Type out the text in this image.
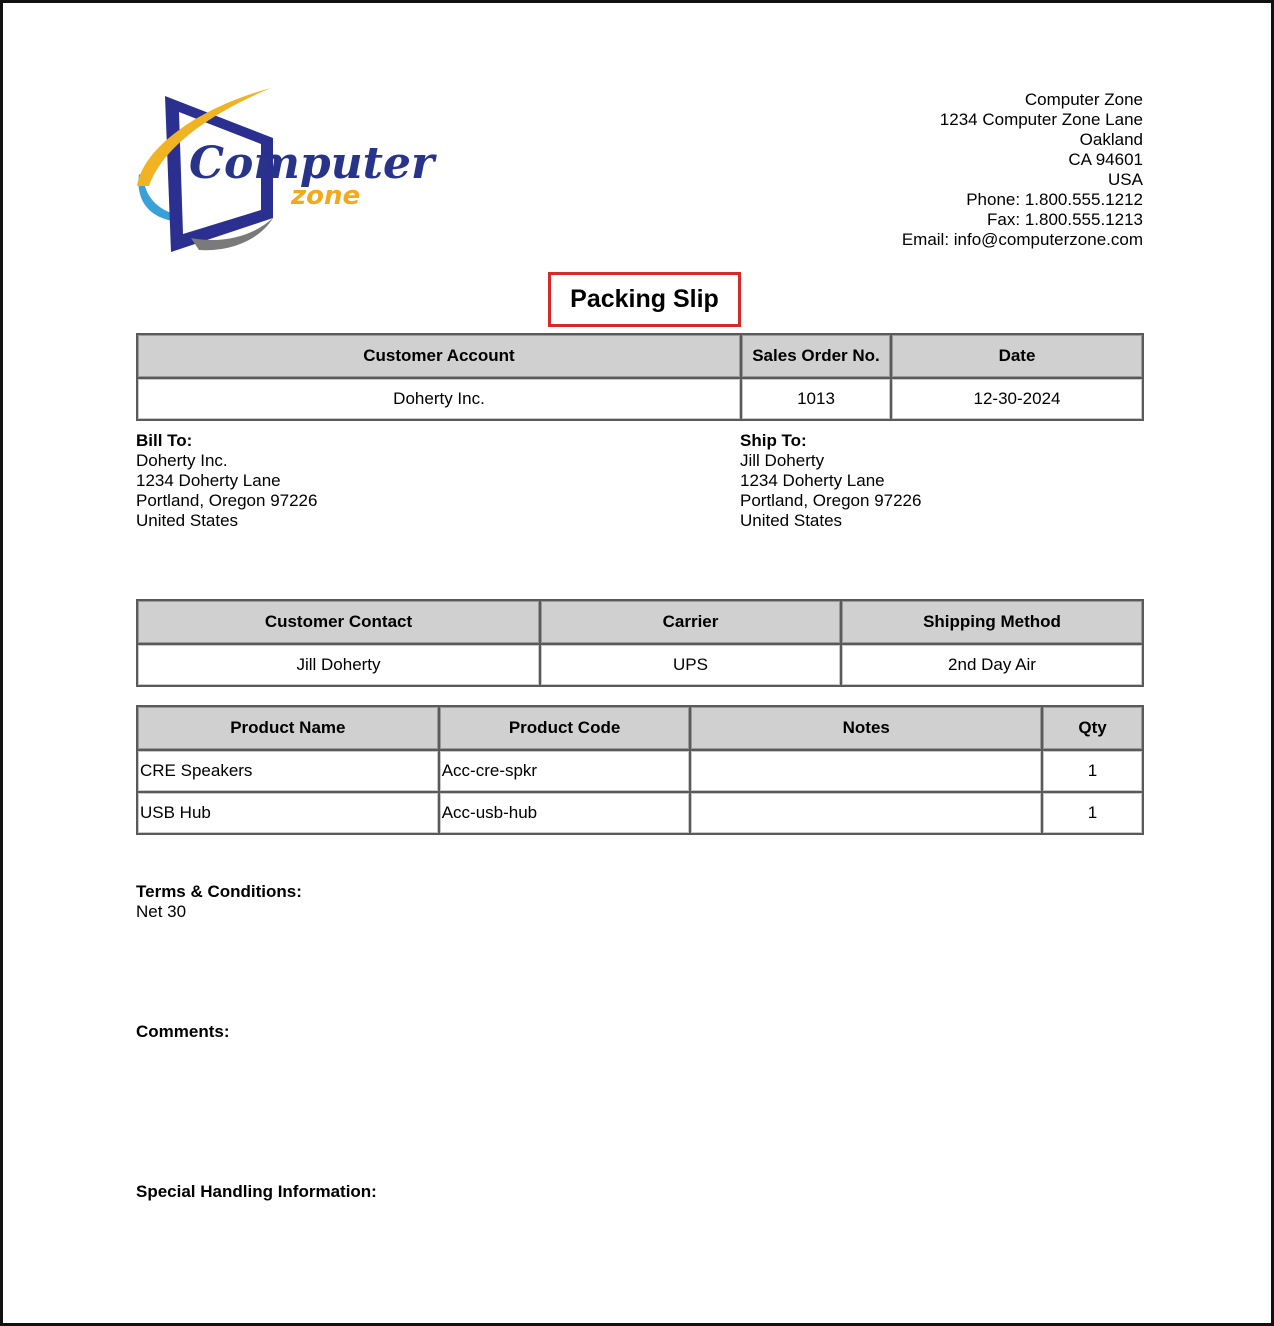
Computer
zone
Computer Zone
1234 Computer Zone Lane
Oakland
CA 94601
USA
Phone: 1.800.555.1212
Fax: 1.800.555.1213
Email: info@computerzone.com
Packing Slip
Customer Account	Sales Order No.	Date
Doherty Inc.	1013	12-30-2024
Bill To:
Doherty Inc.
1234 Doherty Lane
Portland, Oregon 97226
United States
Ship To:
Jill Doherty
1234 Doherty Lane
Portland, Oregon 97226
United States
Customer Contact	Carrier	Shipping Method
Jill Doherty	UPS	2nd Day Air
Product Name	Product Code	Notes	Qty
CRE Speakers	Acc-cre-spkr		1
USB Hub	Acc-usb-hub		1
Terms & Conditions:
Net 30
Comments:
Special Handling Information:
